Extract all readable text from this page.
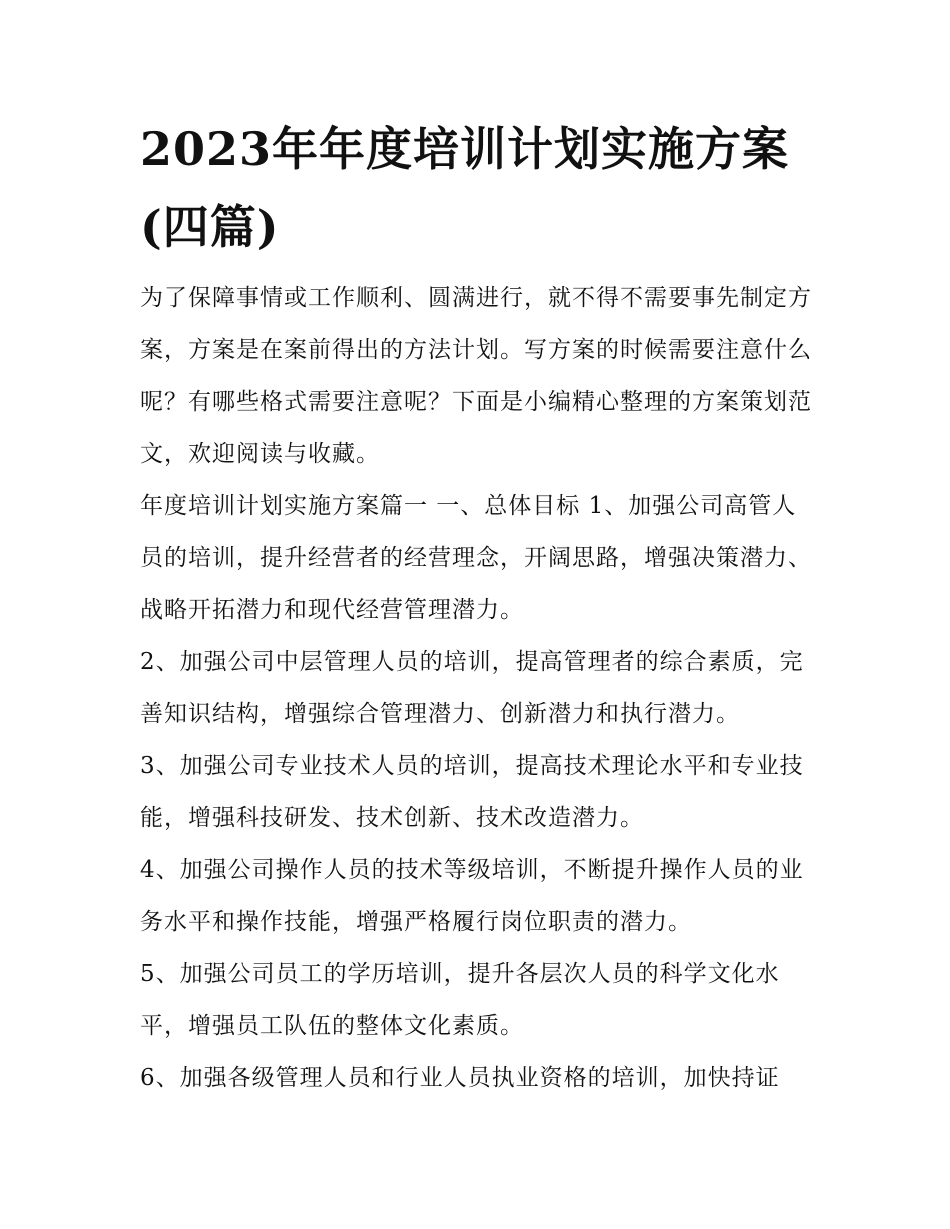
2023年年度培训计划实施方案(四篇)

为了保障事情或工作顺利、圆满进行，就不得不需要事先制定方案，方案是在案前得出的方法计划。写方案的时候需要注意什么呢？有哪些格式需要注意呢？下面是小编精心整理的方案策划范文，欢迎阅读与收藏。

年度培训计划实施方案篇一 一、总体目标 1、加强公司高管人员的培训，提升经营者的经营理念，开阔思路，增强决策潜力、战略开拓潜力和现代经营管理潜力。

2、加强公司中层管理人员的培训，提高管理者的综合素质，完善知识结构，增强综合管理潜力、创新潜力和执行潜力。

3、加强公司专业技术人员的培训，提高技术理论水平和专业技能，增强科技研发、技术创新、技术改造潜力。

4、加强公司操作人员的技术等级培训，不断提升操作人员的业务水平和操作技能，增强严格履行岗位职责的潜力。

5、加强公司员工的学历培训，提升各层次人员的科学文化水平，增强员工队伍的整体文化素质。

6、加强各级管理人员和行业人员执业资格的培训，加快持证
